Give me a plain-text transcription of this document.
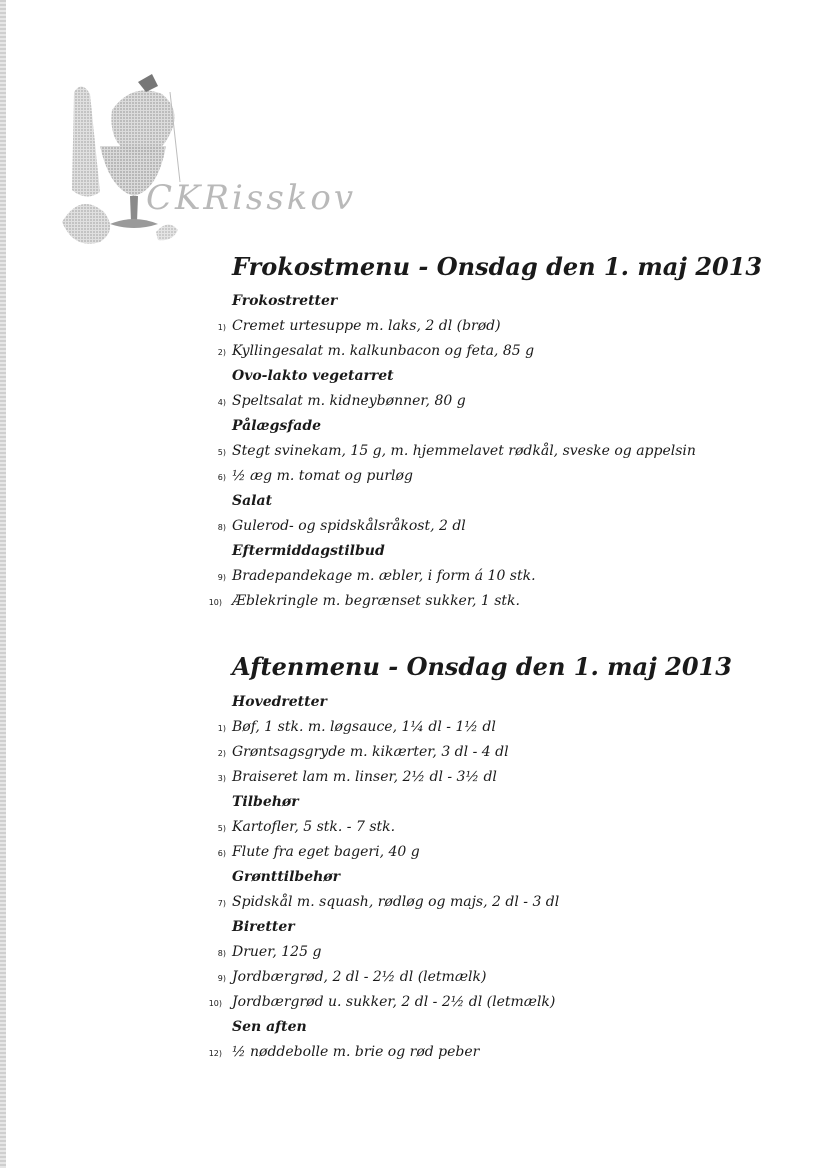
CKRisskov
Frokostmenu - Onsdag den 1. maj 2013
Frokostretter
1) Cremet urtesuppe m. laks, 2 dl (brød)
2) Kyllingesalat m. kalkunbacon og feta, 85 g
Ovo-lakto vegetarret
4) Speltsalat m. kidneybønner, 80 g
Pålægsfade
5) Stegt svinekam, 15 g, m. hjemmelavet rødkål, sveske og appelsin
6) ½ æg m. tomat og purløg
Salat
8) Gulerod- og spidskålsråkost, 2 dl
Eftermiddagstilbud
9) Bradepandekage m. æbler, i form á 10 stk.
10) Æblekringle m. begrænset sukker, 1 stk.
Aftenmenu - Onsdag den 1. maj 2013
Hovedretter
1) Bøf, 1 stk. m. løgsauce, 1¼ dl - 1½ dl
2) Grøntsagsgryde m. kikærter, 3 dl - 4 dl
3) Braiseret lam m. linser, 2½ dl - 3½ dl
Tilbehør
5) Kartofler, 5 stk. - 7 stk.
6) Flute fra eget bageri, 40 g
Grønttilbehør
7) Spidskål m. squash, rødløg og majs, 2 dl - 3 dl
Biretter
8) Druer, 125 g
9) Jordbærgrød, 2 dl - 2½ dl (letmælk)
10) Jordbærgrød u. sukker, 2 dl - 2½ dl (letmælk)
Sen aften
12) ½ nøddebolle m. brie og rød peber
